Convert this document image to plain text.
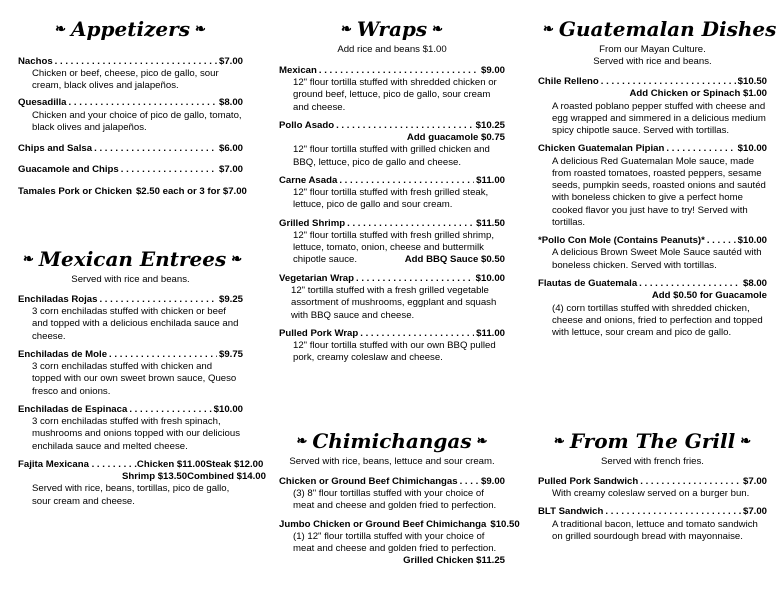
❧ Appetizers ❧
Nachos . . .	$7.00
Chicken or beef, cheese, pico de gallo, sour cream, black olives and jalapeños.
Quesadilla . . .	$8.00
Chicken and your choice of pico de gallo, tomato, black olives and jalapeños.
Chips and Salsa . . .	$6.00
Guacamole and Chips . . .	$7.00
Tamales Pork or Chicken $2.50 each or 3 for $7.00
❧ Mexican Entrees ❧
Served with rice and beans.
Enchiladas Rojas . . .	$9.25
3 corn enchiladas stuffed with chicken or beef and topped with a delicious enchilada sauce and cheese.
Enchiladas de Mole . . .	$9.75
3 corn enchiladas stuffed with chicken and topped with our own sweet brown sauce, Queso fresco and onions.
Enchiladas de Espinaca . . .	$10.00
3 corn enchiladas stuffed with fresh spinach, mushrooms and onions topped with our delicious enchilada sauce and melted cheese.
Fajita Mexicana . . . . . . . . . Chicken $11.00 Steak $12.00
Shrimp $13.50 Combined $14.00
Served with rice, beans, tortillas, pico de gallo, sour cream and cheese.
❧ Wraps ❧
Add rice and beans $1.00
Mexican . . .	$9.00
12" flour tortilla stuffed with shredded chicken or ground beef, lettuce, pico de gallo, sour cream and cheese.
Pollo Asado . . .	$10.25
Add guacamole $0.75
12" flour tortilla stuffed with grilled chicken and BBQ, lettuce, pico de gallo and cheese.
Carne Asada . . .	$11.00
12" flour tortilla stuffed with fresh grilled steak, lettuce, pico de gallo and sour cream.
Grilled Shrimp . . .	$11.50
12" flour tortilla stuffed with fresh grilled shrimp, lettuce, tomato, onion, cheese and buttermilk
chipotle sauce.	Add BBQ Sauce $0.50
Vegetarian Wrap . . .	$10.00
12" tortilla stuffed with a fresh grilled vegetable assortment of mushrooms, eggplant and squash with BBQ sauce and cheese.
Pulled Pork Wrap . . .	$11.00
12" flour tortilla stuffed with our own BBQ pulled pork, creamy coleslaw and cheese.
❧ Chimichangas ❧
Served with rice, beans, lettuce and sour cream.
Chicken or Ground Beef Chimichangas . . . $9.00
(3) 8" flour tortillas stuffed with your choice of meat and cheese and golden fried to perfection.
Jumbo Chicken or Ground Beef Chimichanga $10.50
(1) 12" flour tortilla stuffed with your choice of meat and cheese and golden fried to perfection.
Grilled Chicken $11.25
❧ Guatemalan Dishes
From our Mayan Culture.
Served with rice and beans.
Chile Relleno . . .	$10.50
Add Chicken or Spinach $1.00
A roasted poblano pepper stuffed with cheese and egg wrapped and simmered in a delicious medium spicy chipotle sauce. Served with tortillas.
Chicken Guatemalan Pipian . . .	$10.00
A delicious Red Guatemalan Mole sauce, made from roasted tomatoes, roasted peppers, sesame seeds, pumpkin seeds, roasted onions and sautéd with boneless chicken to give a perfect home cooked flavor you just have to try! Served with tortillas.
*Pollo Con Mole (Contains Peanuts)* . . .	$10.00
A delicious Brown Sweet Mole Sauce sautéd with boneless chicken. Served with tortillas.
Flautas de Guatemala . . .	$8.00
Add $0.50 for Guacamole
(4) corn tortillas stuffed with shredded chicken, cheese and onions, fried to perfection and topped with lettuce, sour cream and pico de gallo.
❧ From The Grill ❧
Served with french fries.
Pulled Pork Sandwich . . .	$7.00
With creamy coleslaw served on a burger bun.
BLT Sandwich . . .	$7.00
A traditional bacon, lettuce and tomato sandwich on grilled sourdough bread with mayonnaise.
